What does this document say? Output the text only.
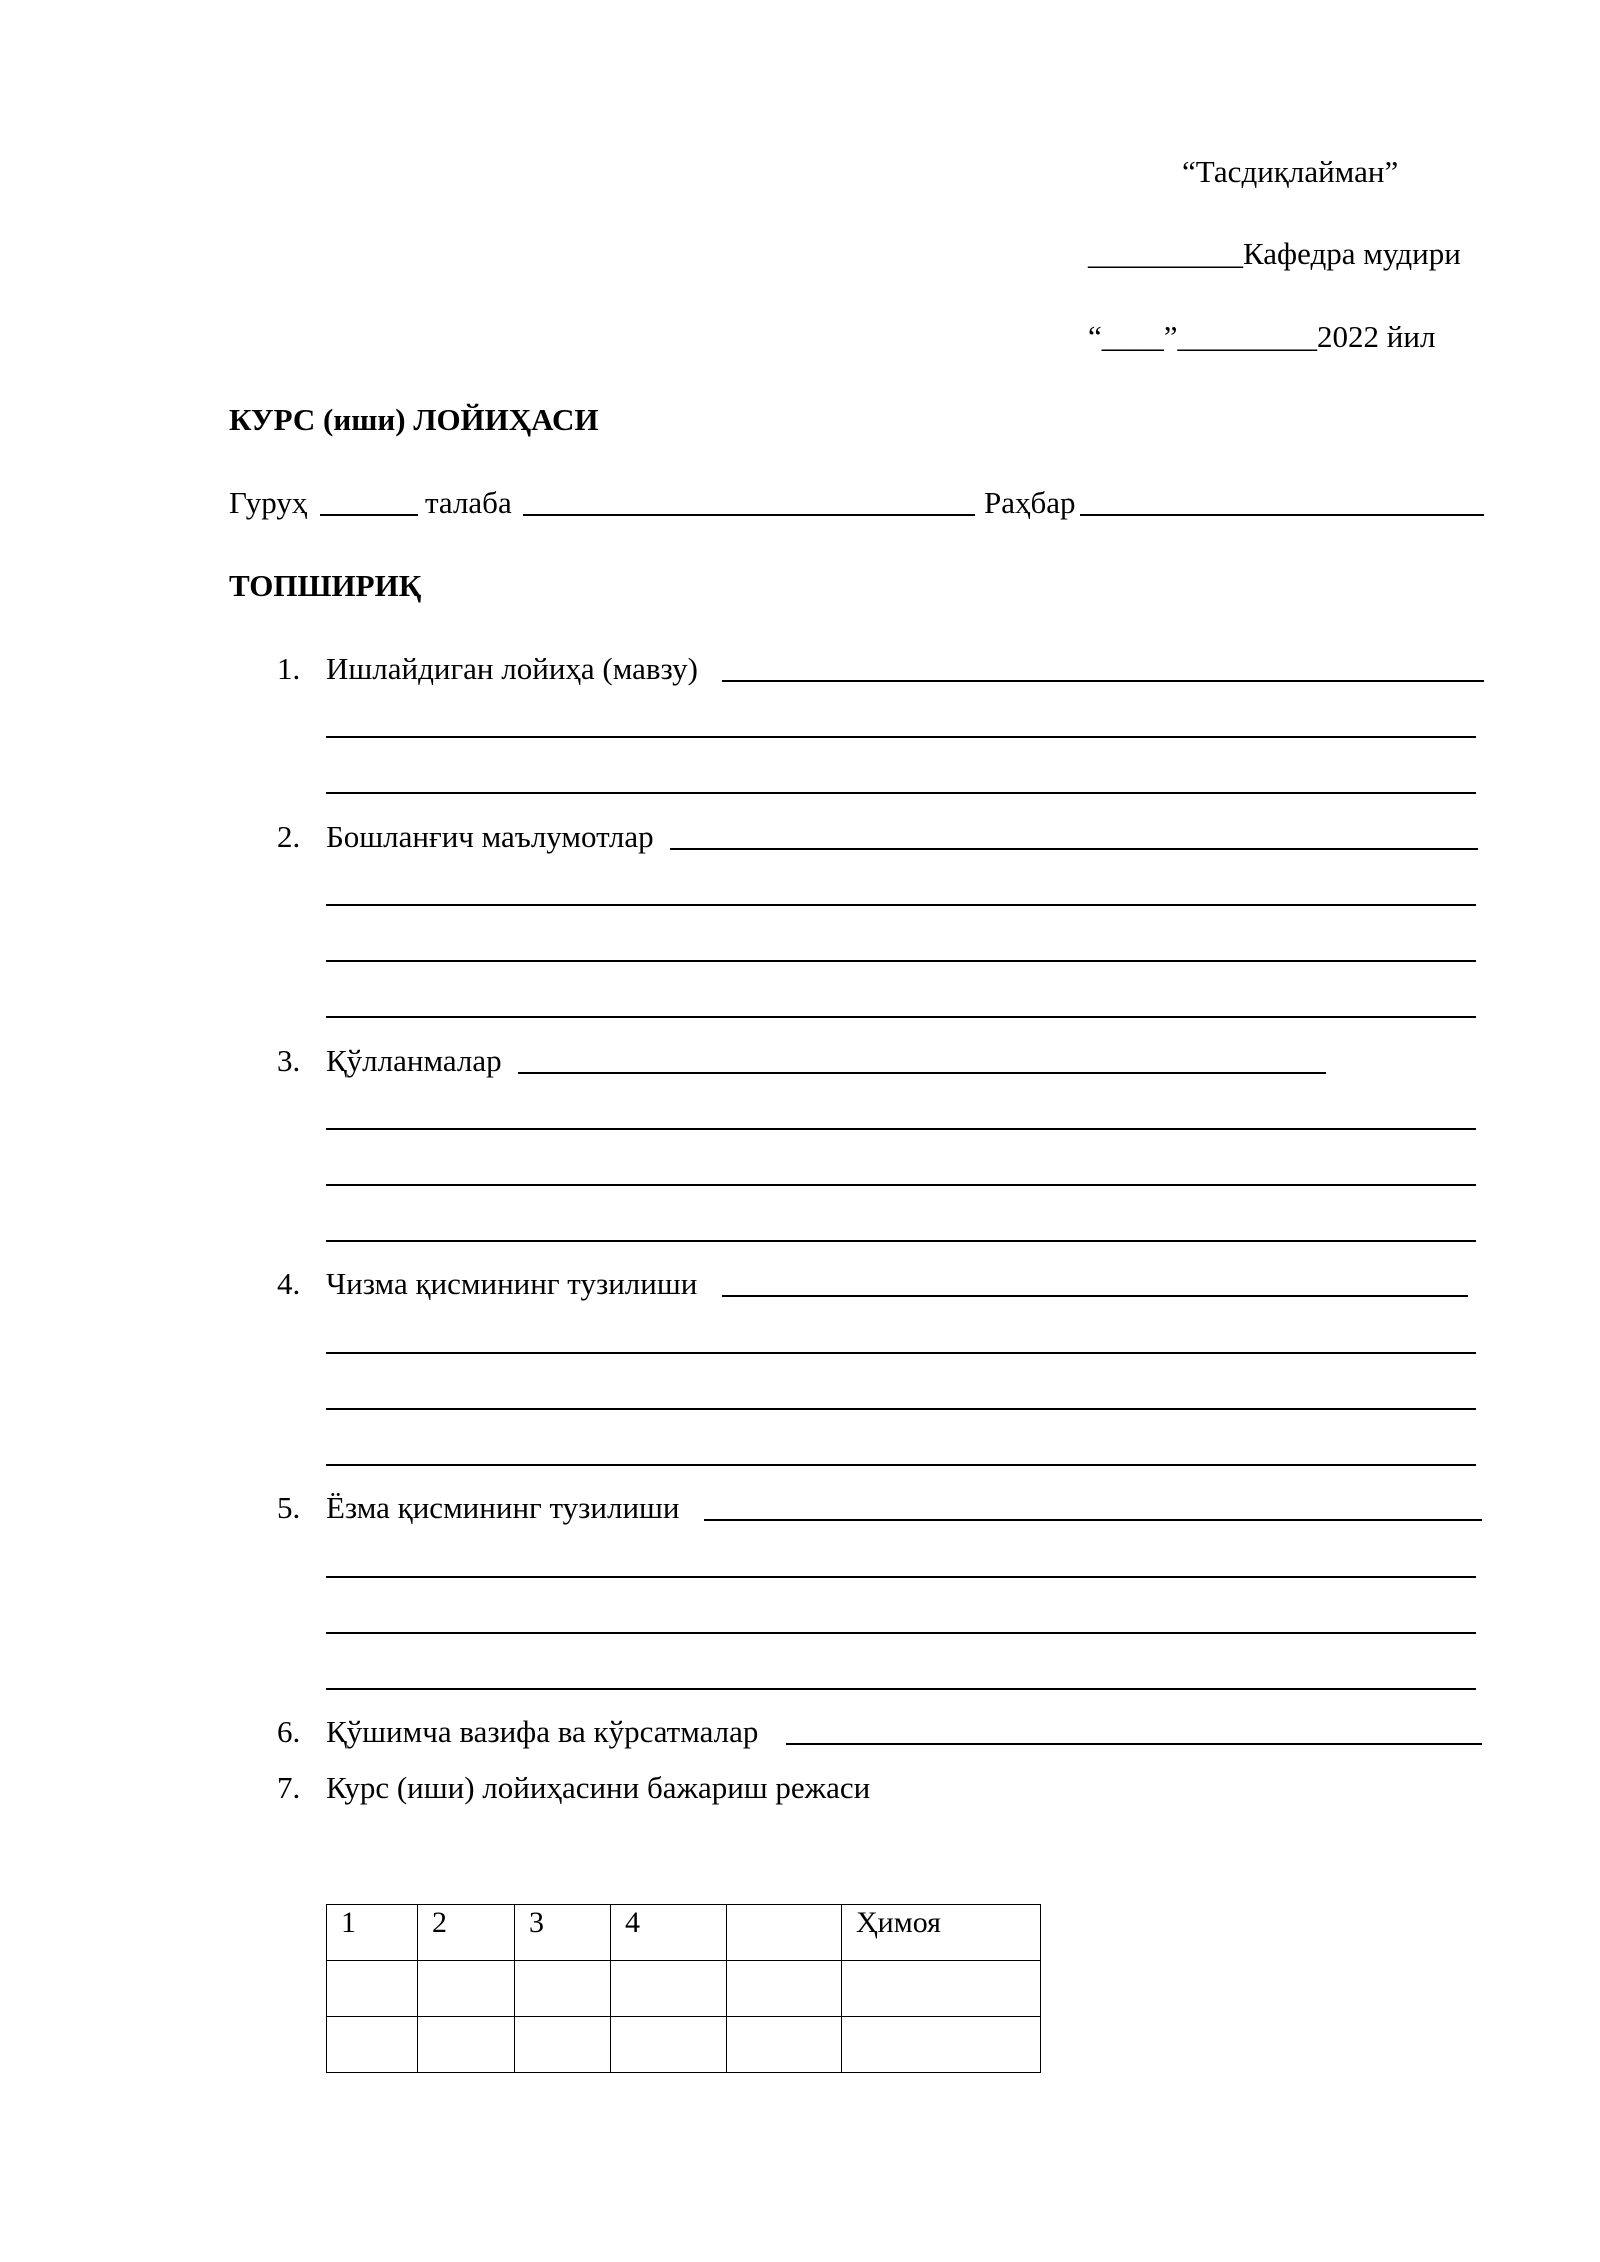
“Тасдиқлайман”
__________Кафедра мудири
“____”_________2022 йил
КУРС (иши) ЛОЙИҲАСИ
Гуруҳ	талаба	Раҳбар
ТОПШИРИҚ
1. Ишлайдиган лойиҳа (мавзу)
2. Бошланғич маълумотлар
3. Қўлланмалар
4. Чизма қисмининг тузилиши
5. Ёзма қисмининг тузилиши
6. Қўшимча вазифа ва кўрсатмалар
7. Курс (иши) лойиҳасини бажариш режаси
1	2	3	4		Ҳимоя
